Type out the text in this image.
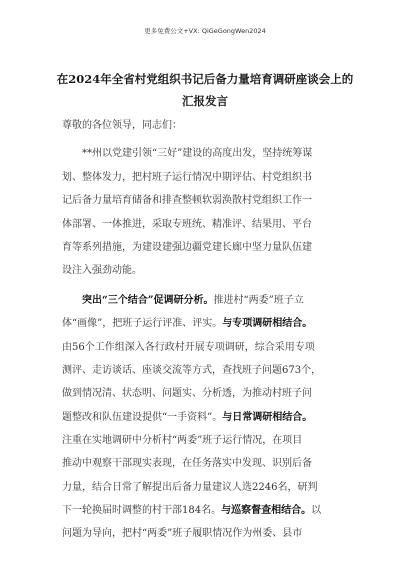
更多免费公文+VX: QiGeGongWen2024
在2024年全省村党组织书记后备力量培育调研座谈会上的
汇报发言
尊敬的各位领导，同志们：
**州以党建引领“三好”建设的高度出发，坚持统筹谋
划、整体发力，把村班子运行情况中期评估、村党组织书
记后备力量培育储备和排查整顿软弱涣散村党组织工作一
体部署、一体推进，采取专班统、精准评、结果用、平台
育等系列措施，为建设建强边疆党建长廊中坚力量队伍建
设注入强劲动能。
突出“三个结合”促调研分析。推进村“两委”班子立
体“画像”，把班子运行评准、评实。与专项调研相结合。
由56个工作组深入各行政村开展专项调研，综合采用专项
测评、走访谈话、座谈交流等方式，查找班子问题673个，
做到情况清、状态明、问题实、分析透，为推动村班子问
题整改和队伍建设提供“一手资料”。与日常调研相结合。
注重在实地调研中分析村“两委”班子运行情况，在项目
推动中观察干部现实表现，在任务落实中发现、识别后备
力量，结合日常了解提出后备力量建议人选2246名，研判
下一轮换届时调整的村干部184名。与巡察督查相结合。以
问题为导向，把村“两委”班子履职情况作为州委、县市
